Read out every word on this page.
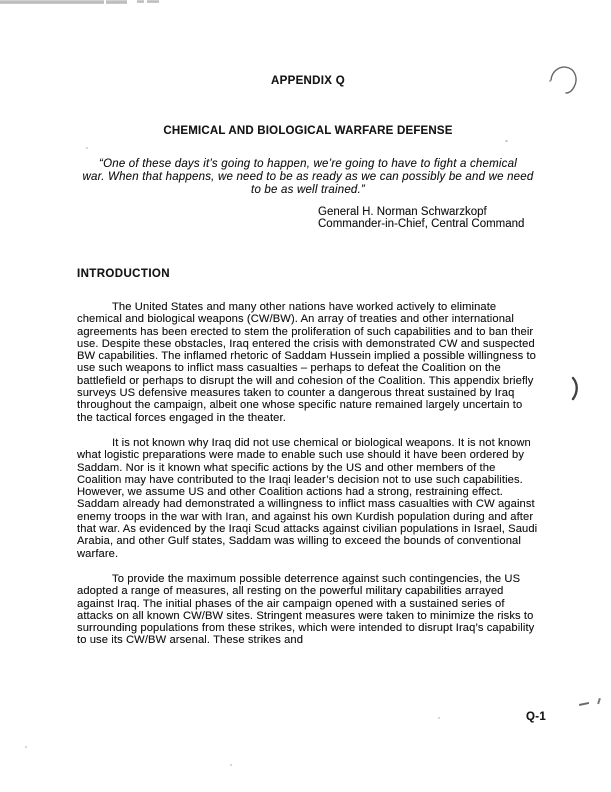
APPENDIX Q
CHEMICAL AND BIOLOGICAL WARFARE DEFENSE
“One of these days it’s going to happen, we’re going to have to fight a chemical
war. When that happens, we need to be as ready as we can possibly be and we need
to be as well trained.”
General H. Norman Schwarzkopf
Commander-in-Chief, Central Command
INTRODUCTION

The United States and many other nations have worked actively to eliminate chemical and biological weapons (CW/BW). An array of treaties and other international agreements has been erected to stem the proliferation of such capabilities and to ban their use. Despite these obstacles, Iraq entered the crisis with demonstrated CW and suspected BW capabilities. The inflamed rhetoric of Saddam Hussein implied a possible willingness to use such weapons to inflict mass casualties – perhaps to defeat the Coalition on the battlefield or perhaps to disrupt the will and cohesion of the Coalition. This appendix briefly surveys US defensive measures taken to counter a dangerous threat sustained by Iraq throughout the campaign, albeit one whose specific nature remained largely uncertain to the tactical forces engaged in the theater.

It is not known why Iraq did not use chemical or biological weapons. It is not known what logistic preparations were made to enable such use should it have been ordered by Saddam. Nor is it known what specific actions by the US and other members of the Coalition may have contributed to the Iraqi leader’s decision not to use such capabilities. However, we assume US and other Coalition actions had a strong, restraining effect. Saddam already had demonstrated a willingness to inflict mass casualties with CW against enemy troops in the war with Iran, and against his own Kurdish population during and after that war. As evidenced by the Iraqi Scud attacks against civilian populations in Israel, Saudi Arabia, and other Gulf states, Saddam was willing to exceed the bounds of conventional warfare.

To provide the maximum possible deterrence against such contingencies, the US adopted a range of measures, all resting on the powerful military capabilities arrayed against Iraq. The initial phases of the air campaign opened with a sustained series of attacks on all known CW/BW sites. Stringent measures were taken to minimize the risks to surrounding populations from these strikes, which were intended to disrupt Iraq’s capability to use its CW/BW arsenal. These strikes and

Q-1
